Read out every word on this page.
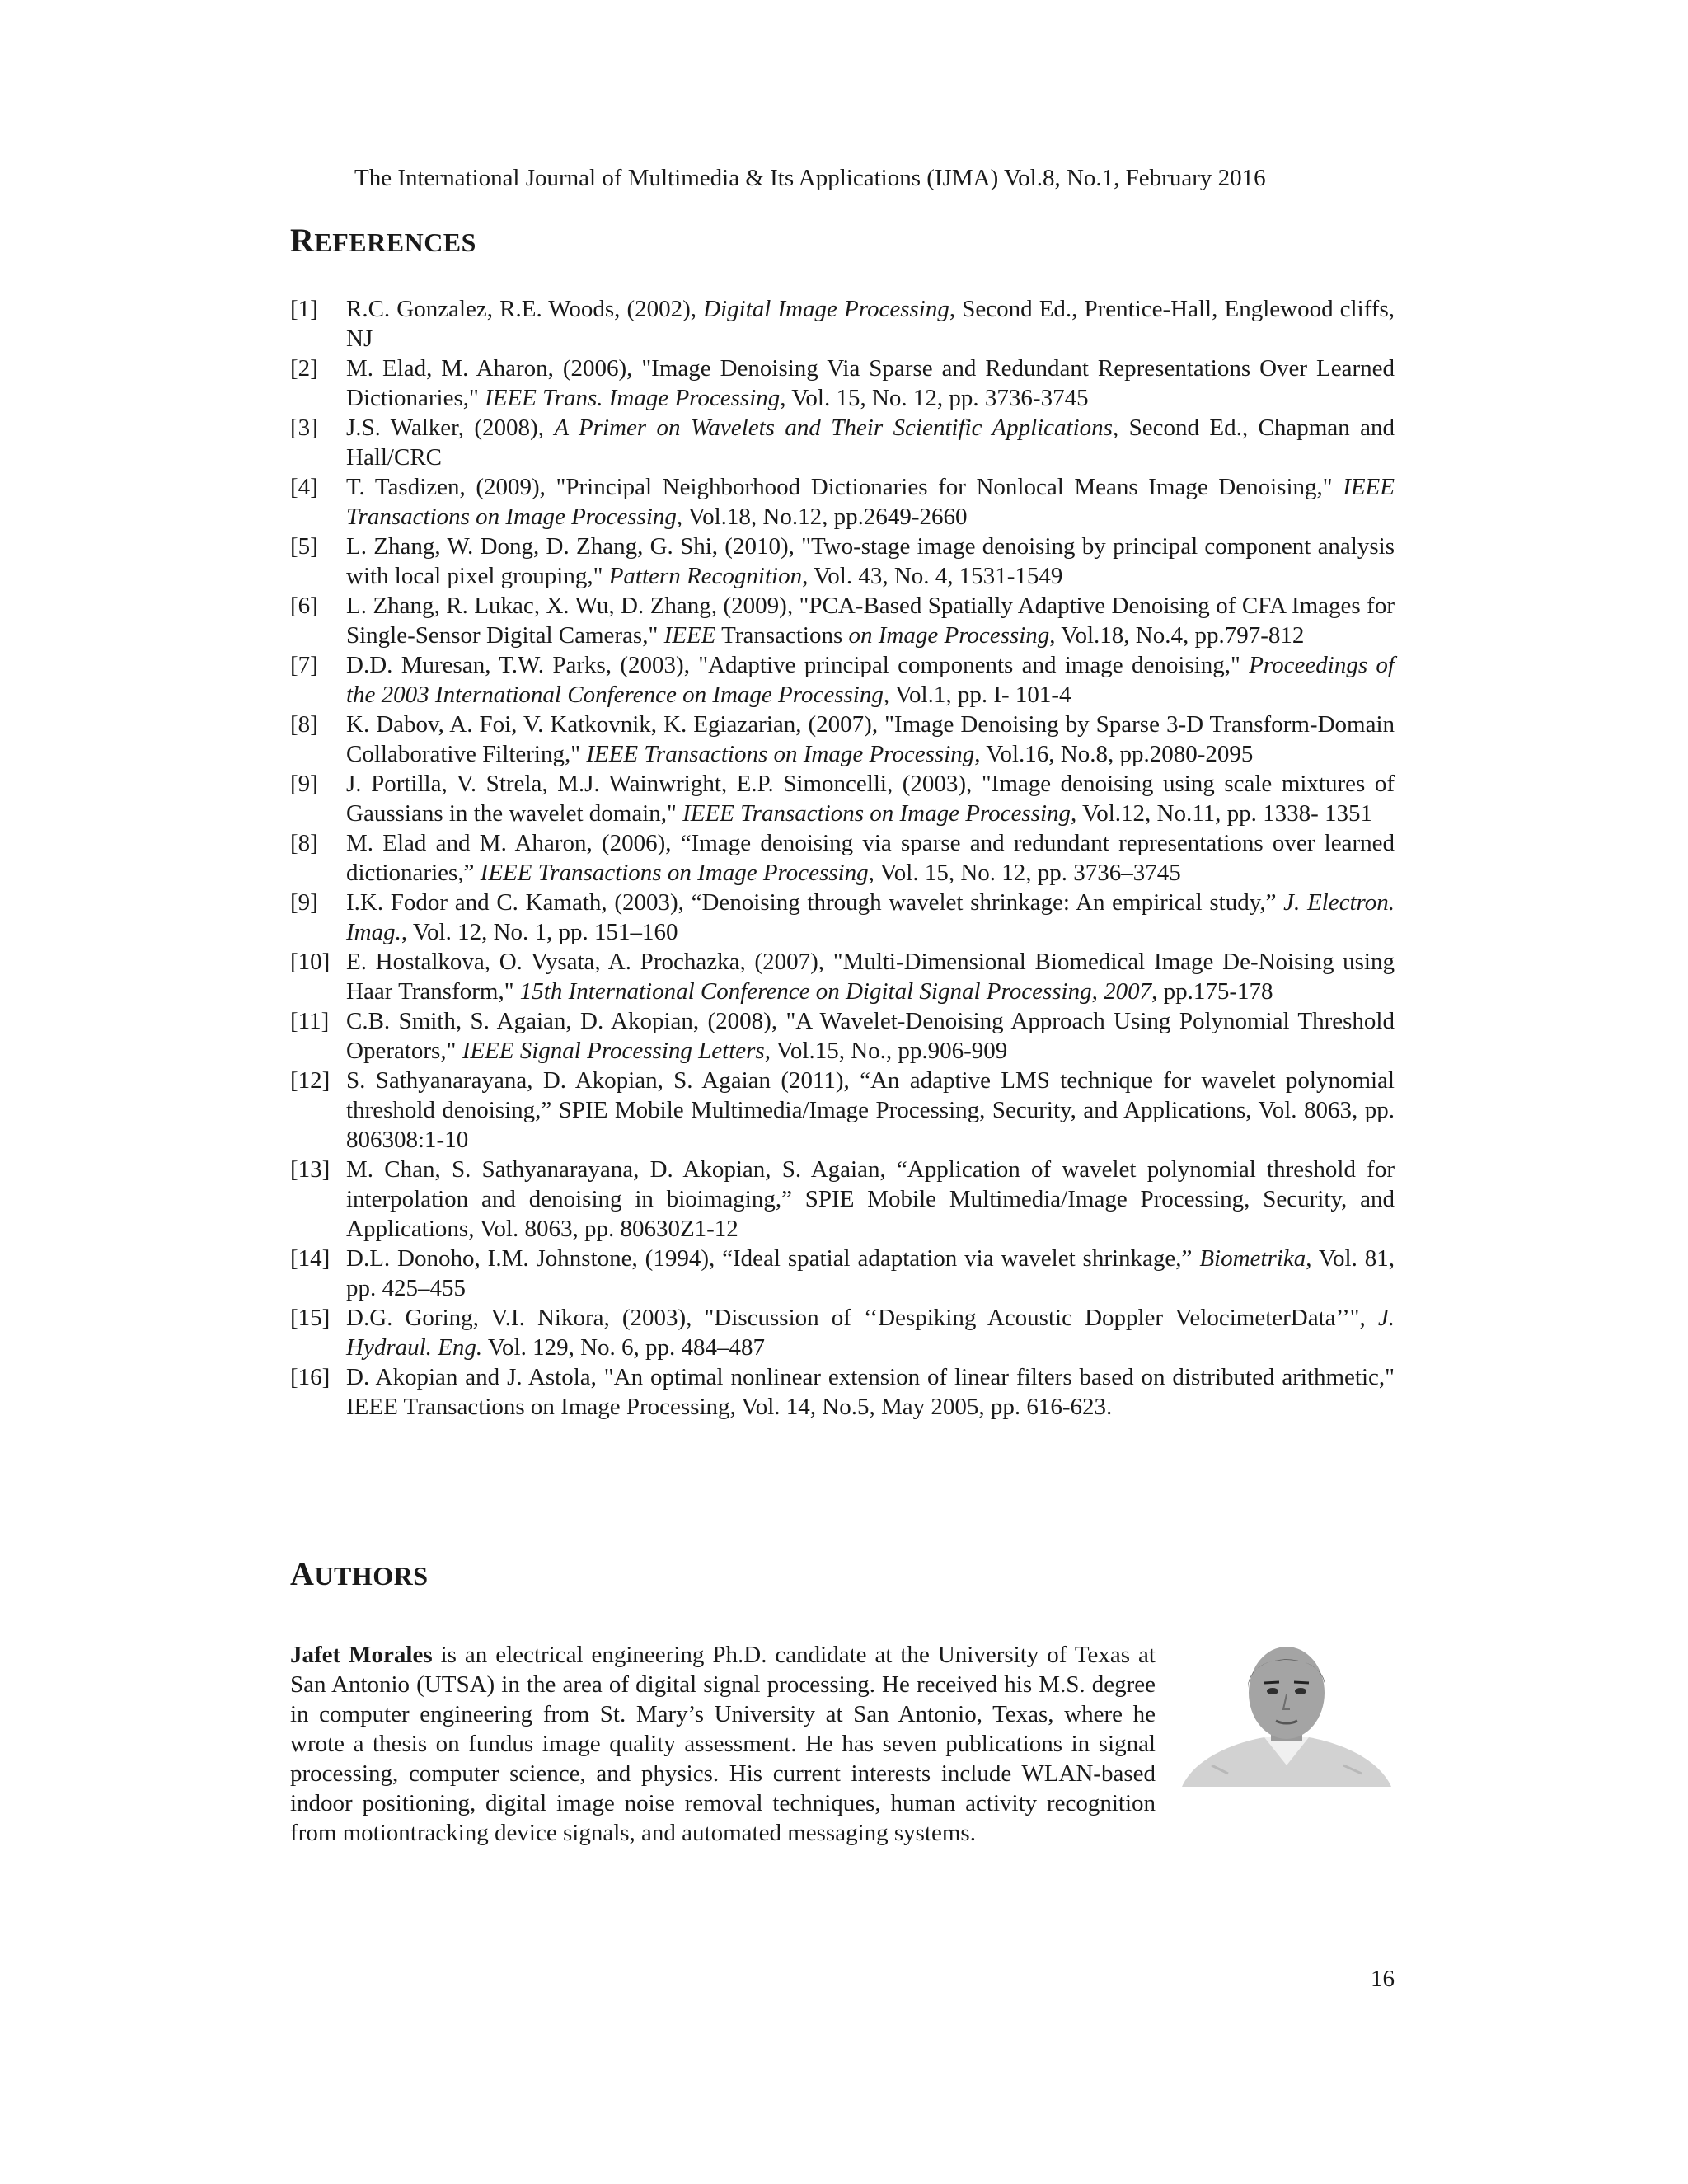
The International Journal of Multimedia & Its Applications (IJMA) Vol.8, No.1, February 2016
REFERENCES
[1]	R.C. Gonzalez, R.E. Woods, (2002), Digital Image Processing, Second Ed., Prentice-Hall, Englewood cliffs, NJ
[2]	M. Elad, M. Aharon, (2006), "Image Denoising Via Sparse and Redundant Representations Over Learned Dictionaries," IEEE Trans. Image Processing, Vol. 15, No. 12, pp. 3736-3745
[3]	J.S. Walker, (2008), A Primer on Wavelets and Their Scientific Applications, Second Ed., Chapman and Hall/CRC
[4]	T. Tasdizen, (2009), "Principal Neighborhood Dictionaries for Nonlocal Means Image Denoising," IEEE Transactions on Image Processing, Vol.18, No.12, pp.2649-2660
[5]	L. Zhang, W. Dong, D. Zhang, G. Shi, (2010), "Two-stage image denoising by principal component analysis with local pixel grouping," Pattern Recognition, Vol. 43, No. 4, 1531-1549
[6]	L. Zhang, R. Lukac, X. Wu, D. Zhang, (2009), "PCA-Based Spatially Adaptive Denoising of CFA Images for Single-Sensor Digital Cameras," IEEE Transactions on Image Processing, Vol.18, No.4, pp.797-812
[7]	D.D. Muresan, T.W. Parks, (2003), "Adaptive principal components and image denoising," Proceedings of the 2003 International Conference on Image Processing, Vol.1, pp. I- 101-4
[8]	K. Dabov, A. Foi, V. Katkovnik, K. Egiazarian, (2007), "Image Denoising by Sparse 3-D Transform-Domain Collaborative Filtering," IEEE Transactions on Image Processing, Vol.16, No.8, pp.2080-2095
[9]	J. Portilla, V. Strela, M.J. Wainwright, E.P. Simoncelli, (2003), "Image denoising using scale mixtures of Gaussians in the wavelet domain," IEEE Transactions on Image Processing, Vol.12, No.11, pp. 1338- 1351
[8]	M. Elad and M. Aharon, (2006), “Image denoising via sparse and redundant representations over learned dictionaries,” IEEE Transactions on Image Processing, Vol. 15, No. 12, pp. 3736–3745
[9]	I.K. Fodor and C. Kamath, (2003), “Denoising through wavelet shrinkage: An empirical study,” J. Electron. Imag., Vol. 12, No. 1, pp. 151–160
[10] E. Hostalkova, O. Vysata, A. Prochazka, (2007), "Multi-Dimensional Biomedical Image De-Noising using Haar Transform," 15th International Conference on Digital Signal Processing, 2007, pp.175-178
[11] C.B. Smith, S. Agaian, D. Akopian, (2008), "A Wavelet-Denoising Approach Using Polynomial Threshold Operators," IEEE Signal Processing Letters, Vol.15, No., pp.906-909
[12] S. Sathyanarayana, D. Akopian, S. Agaian (2011), “An adaptive LMS technique for wavelet polynomial threshold denoising,” SPIE Mobile Multimedia/Image Processing, Security, and Applications, Vol. 8063, pp. 806308:1-10
[13] M. Chan, S. Sathyanarayana, D. Akopian, S. Agaian, “Application of wavelet polynomial threshold for interpolation and denoising in bioimaging,” SPIE Mobile Multimedia/Image Processing, Security, and Applications, Vol. 8063, pp. 80630Z1-12
[14] D.L. Donoho, I.M. Johnstone, (1994), “Ideal spatial adaptation via wavelet shrinkage,” Biometrika, Vol. 81, pp. 425–455
[15] D.G. Goring, V.I. Nikora, (2003), "Discussion of ‘‘Despiking Acoustic Doppler VelocimeterData’’", J. Hydraul. Eng. Vol. 129, No. 6, pp. 484–487
[16] D. Akopian and J. Astola, "An optimal nonlinear extension of linear filters based on distributed arithmetic," IEEE Transactions on Image Processing, Vol. 14, No.5, May 2005, pp. 616-623.
AUTHORS
Jafet Morales is an electrical engineering Ph.D. candidate at the University of Texas at San Antonio (UTSA) in the area of digital signal processing. He received his M.S. degree in computer engineering from St. Mary’s University at San Antonio, Texas, where he wrote a thesis on fundus image quality assessment. He has seven publications in signal processing, computer science, and physics. His current interests include WLAN-based indoor positioning, digital image noise removal techniques, human activity recognition from motiontracking device signals, and automated messaging systems.
16
